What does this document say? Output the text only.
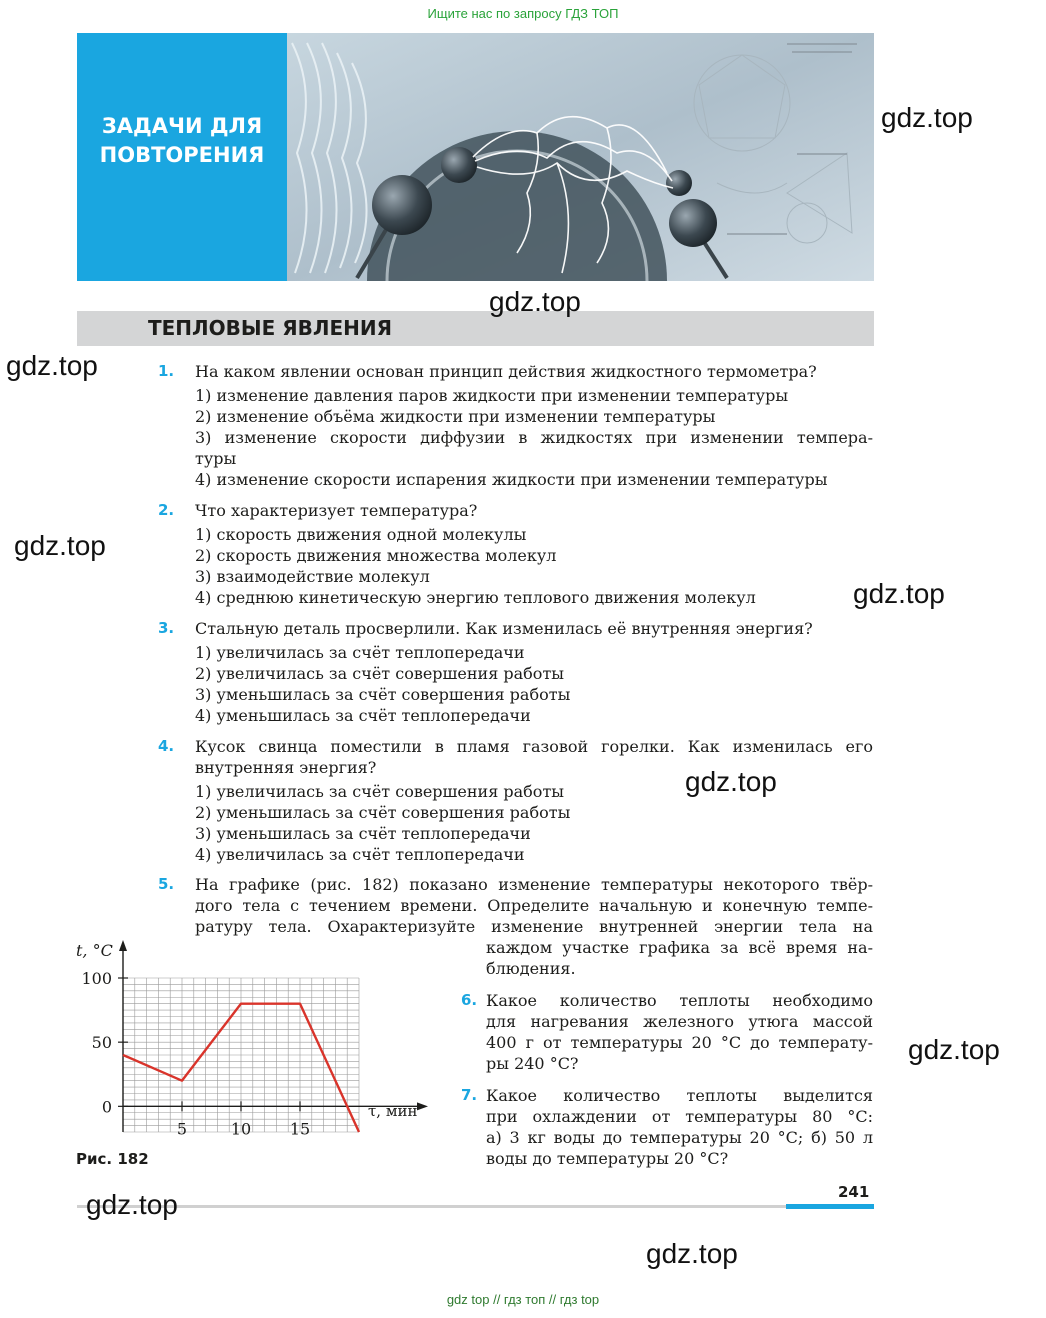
Ищите нас по запросу ГДЗ ТОП
ЗАДАЧИ ДЛЯ
ПОВТОРЕНИЯ
ТЕПЛОВЫЕ ЯВЛЕНИЯ
1. На каком явлении основан принцип действия жидкостного термометра?
1) изменение давления паров жидкости при изменении температуры
2) изменение объёма жидкости при изменении температуры
3) изменение скорости диффузии в жидкостях при изменении темпера-
туры
4) изменение скорости испарения жидкости при изменении температуры
2. Что характеризует температура?
1) скорость движения одной молекулы
2) скорость движения множества молекул
3) взаимодействие молекул
4) среднюю кинетическую энергию теплового движения молекул
3. Стальную деталь просверлили. Как изменилась её внутренняя энергия?
1) увеличилась за счёт теплопередачи
2) увеличилась за счёт совершения работы
3) уменьшилась за счёт совершения работы
4) уменьшилась за счёт теплопередачи
4. Кусок свинца поместили в пламя газовой горелки. Как изменилась его
внутренняя энергия?
1) увеличилась за счёт совершения работы
2) уменьшилась за счёт совершения работы
3) уменьшилась за счёт теплопередачи
4) увеличилась за счёт теплопередачи
5. На графике (рис. 182) показано изменение температуры некоторого твёр-
дого тела с течением времени. Определите начальную и конечную темпе-
ратуру тела. Охарактеризуйте изменение внутренней энергии тела на
каждом участке графика за всё время на-
блюдения.
6. Какое количество теплоты необходимо
для нагревания железного утюга массой
400 г от температуры 20 °C до температу-
ры 240 °C?
7. Какое количество теплоты выделится
при охлаждении от температуры 80 °C:
а) 3 кг воды до температуры 20 °C; б) 50 л
воды до температуры 20 °C?
100
50
0
5	10 15
t, °C
τ, мин
Рис. 182
241
gdz.top
gdz.top
gdz.top
gdz.top
gdz.top
gdz.top
gdz.top
gdz.top
gdz.top
gdz top // гдз топ // гдз top
